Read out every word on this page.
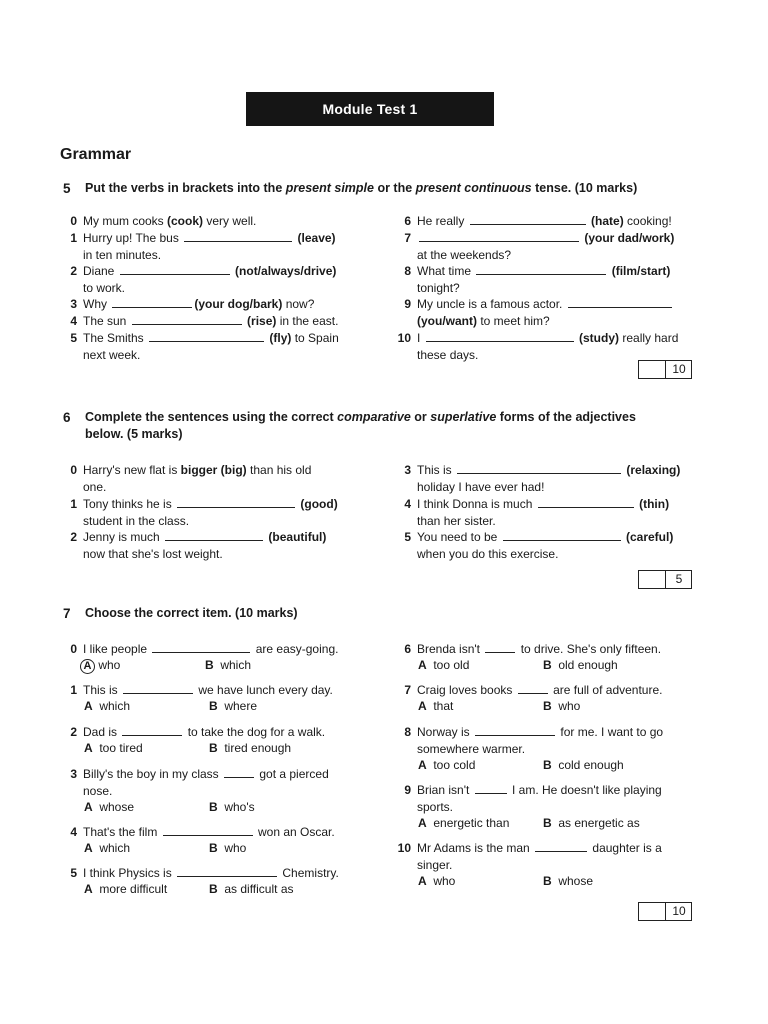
Module Test 1
Grammar
5 Put the verbs in brackets into the present simple or the present continuous tense. (10 marks)
0 My mum cooks (cook) very well.
1 Hurry up! The bus	(leave)
in ten minutes.
2 Diane	(not/always/drive)
to work.
3 Why	(your dog/bark) now?
4 The sun	(rise) in the east.
5 The Smiths	(fly) to Spain
next week.
6 He really	(hate) cooking!
7	(your dad/work)
at the weekends?
8 What time	(film/start)
tonight?
9 My uncle is a famous actor.
(you/want) to meet him?
10 I	(study) really hard
these days.
10
6 Complete the sentences using the correct comparative or superlative forms of the adjectives
below. (5 marks)
0 Harry's new flat is bigger (big) than his old
one.
1 Tony thinks he is	(good)
student in the class.
2 Jenny is much	(beautiful)
now that she's lost weight.
3 This is	(relaxing)
holiday I have ever had!
4 I think Donna is much	(thin)
than her sister.
5 You need to be	(careful)
when you do this exercise.
5
7 Choose the correct item. (10 marks)
0 I like people	are easy-going.
A who	B which
1 This is	we have lunch every day.
A which	B where
2 Dad is	to take the dog for a walk.
A too tired	B tired enough
3 Billy's the boy in my class	got a pierced
nose.
A whose	B who's
4 That's the film	won an Oscar.
A which	B who
5 I think Physics is	Chemistry.
A more difficult	B as difficult as
6 Brenda isn't	to drive. She's only fifteen.
A too old	B old enough
7 Craig loves books	are full of adventure.
A that	B who
8 Norway is	for me. I want to go
somewhere warmer.
A too cold	B cold enough
9 Brian isn't	I am. He doesn't like playing
sports.
A energetic than	B as energetic as
10 Mr Adams is the man	daughter is a
singer.
A who	B whose
10
